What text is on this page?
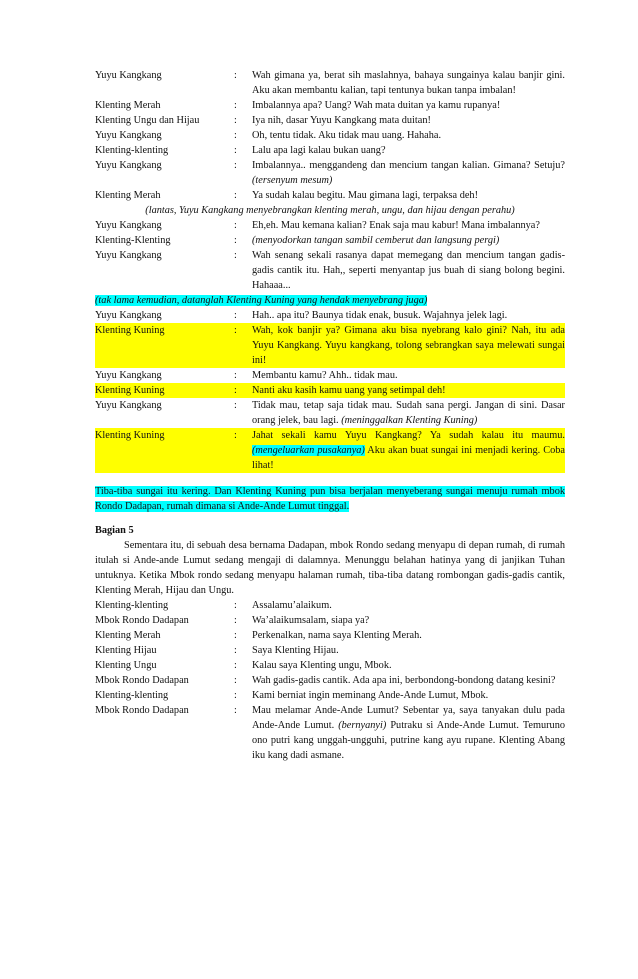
Yuyu Kangkang	:	Wah gimana ya, berat sih maslahnya, bahaya sungainya kalau banjir gini. Aku akan membantu kalian, tapi tentunya bukan tanpa imbalan!
Klenting Merah	:	Imbalannya apa? Uang? Wah mata duitan ya kamu rupanya!
Klenting Ungu dan Hijau	:	Iya nih, dasar Yuyu Kangkang mata duitan!
Yuyu Kangkang	:	Oh, tentu tidak. Aku tidak mau uang. Hahaha.
Klenting-klenting	:	Lalu apa lagi kalau bukan uang?
Yuyu Kangkang	:	Imbalannya.. menggandeng dan mencium tangan kalian. Gimana? Setuju? (tersenyum mesum)
Klenting Merah	:	Ya sudah kalau begitu. Mau gimana lagi, terpaksa deh!
(lantas, Yuyu Kangkang menyebrangkan klenting merah, ungu, dan hijau dengan perahu)
Yuyu Kangkang	:	Eh,eh. Mau kemana kalian? Enak saja mau kabur! Mana imbalannya?
Klenting-Klenting	:	(menyodorkan tangan sambil cemberut dan langsung pergi)
Yuyu Kangkang	:	Wah senang sekali rasanya dapat memegang dan mencium tangan gadis-gadis cantik itu. Hah,, seperti menyantap jus buah di siang bolong begini. Hahaaa...
(tak lama kemudian, datanglah Klenting Kuning yang hendak menyebrang juga)
Yuyu Kangkang	:	Hah.. apa itu? Baunya tidak enak, busuk. Wajahnya jelek lagi.
Klenting Kuning	:	Wah, kok banjir ya? Gimana aku bisa nyebrang kalo gini? Nah, itu ada Yuyu Kangkang. Yuyu kangkang, tolong sebrangkan saya melewati sungai ini!
Yuyu Kangkang	:	Membantu kamu? Ahh.. tidak mau.
Klenting Kuning	:	Nanti aku kasih kamu uang yang setimpal deh!
Yuyu Kangkang	:	Tidak mau, tetap saja tidak mau. Sudah sana pergi. Jangan di sini. Dasar orang jelek, bau lagi. (meninggalkan Klenting Kuning)
Klenting Kuning	:	Jahat sekali kamu Yuyu Kangkang? Ya sudah kalau itu maumu. (mengeluarkan pusakanya) Aku akan buat sungai ini menjadi kering. Coba lihat!
Tiba-tiba sungai itu kering. Dan Klenting Kuning pun bisa berjalan menyeberang sungai menuju rumah mbok Rondo Dadapan, rumah dimana si Ande-Ande Lumut tinggal.
Bagian 5
Sementara itu, di sebuah desa bernama Dadapan, mbok Rondo sedang menyapu di depan rumah, di rumah itulah si Ande-ande Lumut sedang mengaji di dalamnya. Menunggu belahan hatinya yang di janjikan Tuhan untuknya. Ketika Mbok rondo sedang menyapu halaman rumah, tiba-tiba datang rombongan gadis-gadis cantik, Klenting Merah, Hijau dan Ungu.
Klenting-klenting	:	Assalamu’alaikum.
Mbok Rondo Dadapan	:	Wa’alaikumsalam, siapa ya?
Klenting Merah	:	Perkenalkan, nama saya Klenting Merah.
Klenting Hijau	:	Saya Klenting Hijau.
Klenting Ungu	:	Kalau saya Klenting ungu, Mbok.
Mbok Rondo Dadapan	:	Wah gadis-gadis cantik. Ada apa ini, berbondong-bondong datang kesini?
Klenting-klenting	:	Kami berniat ingin meminang Ande-Ande Lumut, Mbok.
Mbok Rondo Dadapan	:	Mau melamar Ande-Ande Lumut? Sebentar ya, saya tanyakan dulu pada Ande-Ande Lumut. (bernyanyi) Putraku si Ande-Ande Lumut. Temuruno ono putri kang unggah-ungguhi, putrine kang ayu rupane. Klenting Abang iku kang dadi asmane.
